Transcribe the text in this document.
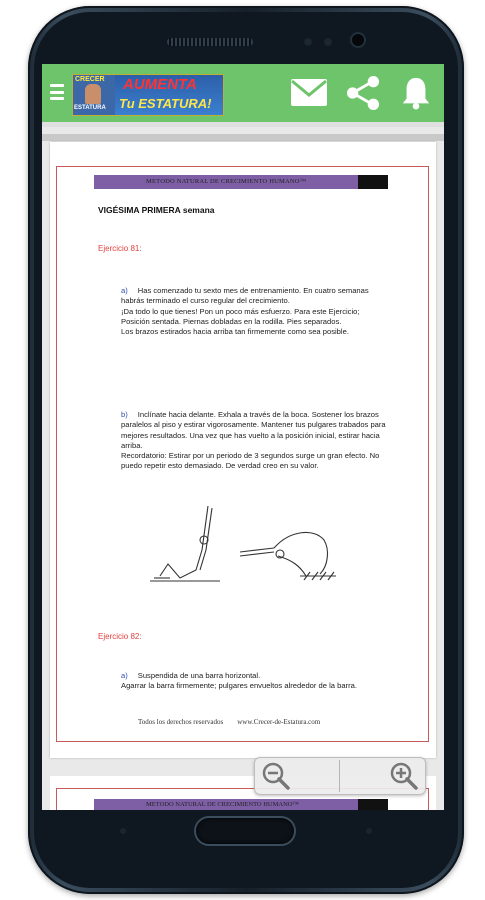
CRECER
ESTATURA
AUMENTA
Tu ESTATURA!
METODO NATURAL DE CRECIMIENTO HUMANO™
VIGÉSIMA PRIMERA semana
Ejercicio 81:
a) Has comenzado tu sexto mes de entrenamiento. En cuatro semanas habrás terminado el curso regular del crecimiento.
¡Da todo lo que tienes! Pon un poco más esfuerzo. Para este Ejercicio;
Posición sentada. Piernas dobladas en la rodilla. Pies separados.
Los brazos estirados hacia arriba tan firmemente como sea posible.
b) Inclínate hacia delante. Exhala a través de la boca. Sostener los brazos paralelos al piso y estirar vigorosamente. Mantener tus pulgares trabados para mejores resultados. Una vez que has vuelto a la posición inicial, estirar hacia arriba.
Recordatorio: Estirar por un periodo de 3 segundos surge un gran efecto. No puedo repetir esto demasiado. De verdad creo en su valor.
Ejercicio 82:
a) Suspendida de una barra horizontal.
Agarrar la barra firmemente; pulgares envueltos alrededor de la barra.
Todos los derechos reservados www.Crecer-de-Estatura.com
METODO NATURAL DE CRECIMIENTO HUMANO™
